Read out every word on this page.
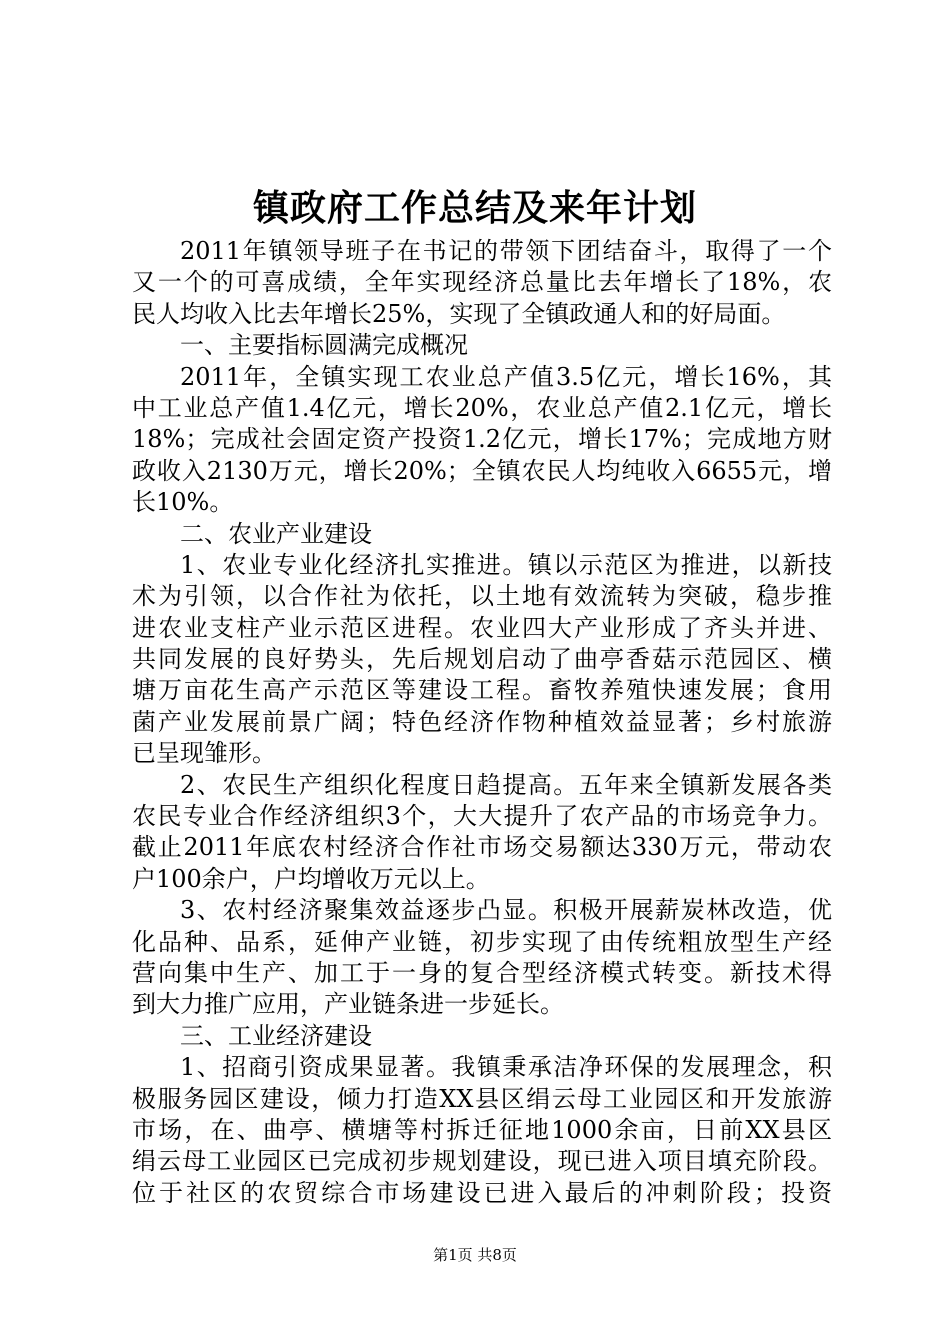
镇政府工作总结及来年计划
2011年镇领导班子在书记的带领下团结奋斗，取得了一个
又一个的可喜成绩，全年实现经济总量比去年增长了18%，农
民人均收入比去年增长25%，实现了全镇政通人和的好局面。
一、主要指标圆满完成概况
2011年，全镇实现工农业总产值3.5亿元，增长16%，其
中工业总产值1.4亿元，增长20%，农业总产值2.1亿元，增长
18%；完成社会固定资产投资1.2亿元，增长17%；完成地方财
政收入2130万元，增长20%；全镇农民人均纯收入6655元，增
长10%。
二、农业产业建设
1、农业专业化经济扎实推进。镇以示范区为推进，以新技
术为引领，以合作社为依托，以土地有效流转为突破，稳步推
进农业支柱产业示范区进程。农业四大产业形成了齐头并进、
共同发展的良好势头，先后规划启动了曲亭香菇示范园区、横
塘万亩花生高产示范区等建设工程。畜牧养殖快速发展；食用
菌产业发展前景广阔；特色经济作物种植效益显著；乡村旅游
已呈现雏形。
2、农民生产组织化程度日趋提高。五年来全镇新发展各类
农民专业合作经济组织3个，大大提升了农产品的市场竞争力。
截止2011年底农村经济合作社市场交易额达330万元，带动农
户100余户，户均增收万元以上。
3、农村经济聚集效益逐步凸显。积极开展薪炭林改造，优
化品种、品系，延伸产业链，初步实现了由传统粗放型生产经
营向集中生产、加工于一身的复合型经济模式转变。新技术得
到大力推广应用，产业链条进一步延长。
三、工业经济建设
1、招商引资成果显著。我镇秉承洁净环保的发展理念，积
极服务园区建设，倾力打造XX县区绢云母工业园区和开发旅游
市场，在、曲亭、横塘等村拆迁征地1000余亩，日前XX县区
绢云母工业园区已完成初步规划建设，现已进入项目填充阶段。
位于社区的农贸综合市场建设已进入最后的冲刺阶段；投资
第1页 共8页
